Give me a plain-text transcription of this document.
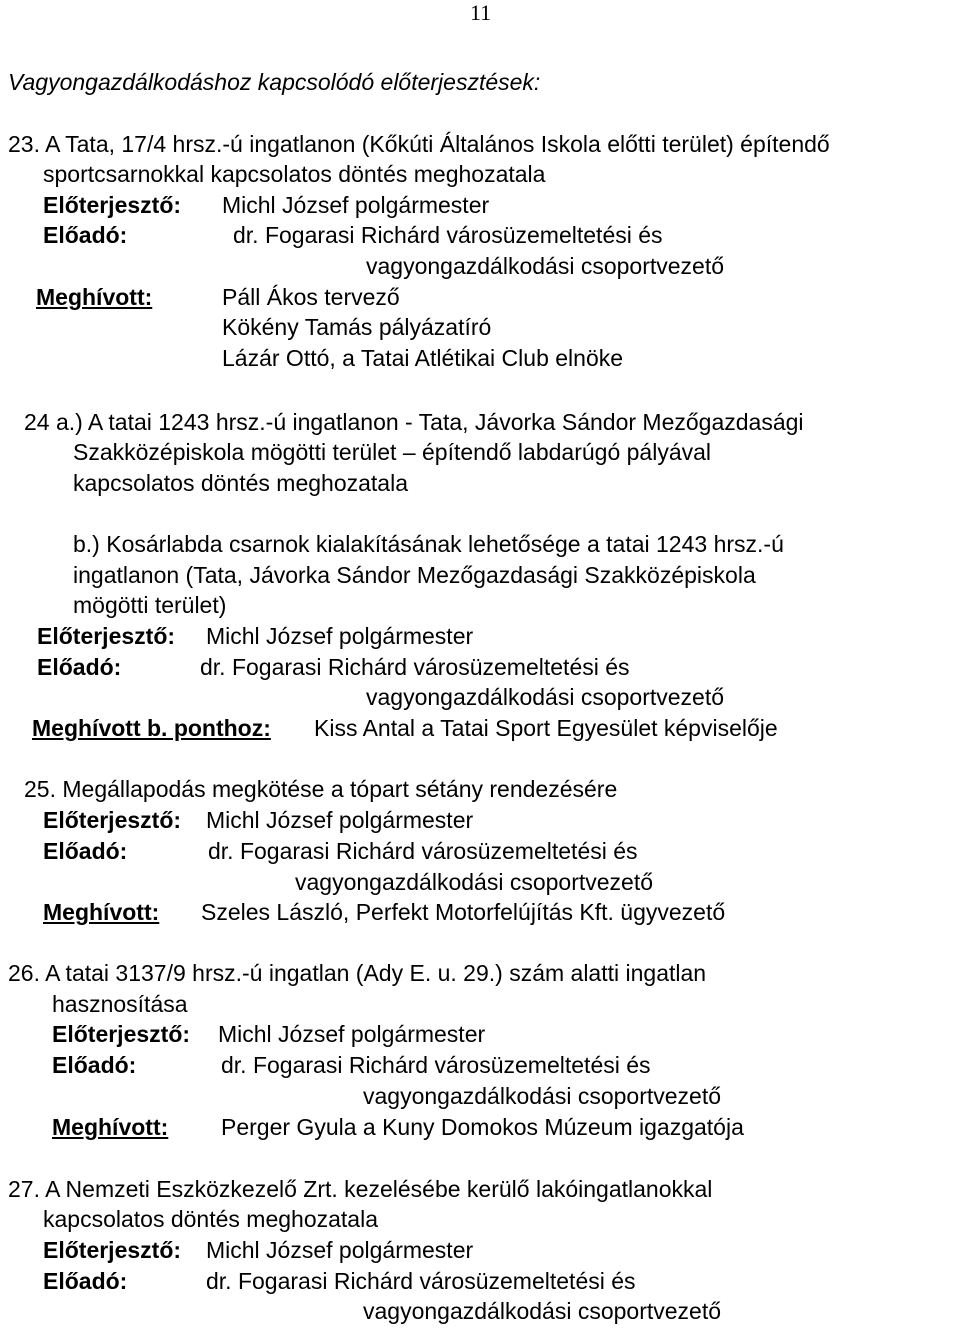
11
Vagyongazdálkodáshoz kapcsolódó előterjesztések:
23. A Tata, 17/4 hrsz.-ú ingatlanon (Kőkúti Általános Iskola előtti terület) építendő
sportcsarnokkal kapcsolatos döntés meghozatala
Előterjesztő: Michl József polgármester
Előadó:	dr. Fogarasi Richárd városüzemeltetési és
vagyongazdálkodási csoportvezető
Meghívott:	Páll Ákos tervező
Kökény Tamás pályázatíró
Lázár Ottó, a Tatai Atlétikai Club elnöke
24 a.) A tatai 1243 hrsz.-ú ingatlanon - Tata, Jávorka Sándor Mezőgazdasági
Szakközépiskola mögötti terület – építendő labdarúgó pályával
kapcsolatos döntés meghozatala
b.) Kosárlabda csarnok kialakításának lehetősége a tatai 1243 hrsz.-ú
ingatlanon (Tata, Jávorka Sándor Mezőgazdasági Szakközépiskola
mögötti terület)
Előterjesztő: Michl József polgármester
Előadó:	dr. Fogarasi Richárd városüzemeltetési és
vagyongazdálkodási csoportvezető
Meghívott b. ponthoz: Kiss Antal a Tatai Sport Egyesület képviselője
25. Megállapodás megkötése a tópart sétány rendezésére
Előterjesztő: Michl József polgármester
Előadó:	dr. Fogarasi Richárd városüzemeltetési és
vagyongazdálkodási csoportvezető
Meghívott: Szeles László, Perfekt Motorfelújítás Kft. ügyvezető
26. A tatai 3137/9 hrsz.-ú ingatlan (Ady E. u. 29.) szám alatti ingatlan
hasznosítása
Előterjesztő: Michl József polgármester
Előadó:	dr. Fogarasi Richárd városüzemeltetési és
vagyongazdálkodási csoportvezető
Meghívott: Perger Gyula a Kuny Domokos Múzeum igazgatója
27. A Nemzeti Eszközkezelő Zrt. kezelésébe kerülő lakóingatlanokkal
kapcsolatos döntés meghozatala
Előterjesztő: Michl József polgármester
Előadó:	dr. Fogarasi Richárd városüzemeltetési és
vagyongazdálkodási csoportvezető
